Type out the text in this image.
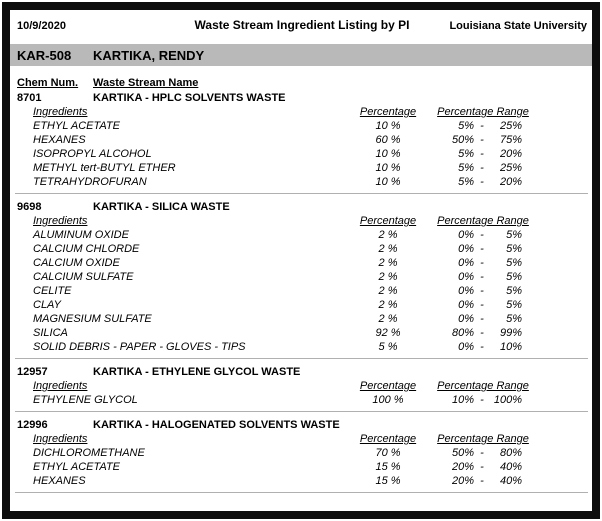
10/9/2020	Waste Stream Ingredient Listing by PI	Louisiana State University
KAR-508	KARTIKA, RENDY
Chem Num.	Waste Stream Name
8701	KARTIKA - HPLC SOLVENTS WASTE
Ingredients	Percentage	Percentage Range
ETHYL ACETATE	10 %	5% -	25%
HEXANES	60 %	50% -	75%
ISOPROPYL ALCOHOL	10 %	5% -	20%
METHYL tert-BUTYL ETHER	10 %	5% -	25%
TETRAHYDROFURAN	10 %	5% -	20%
9698	KARTIKA - SILICA WASTE
Ingredients	Percentage	Percentage Range
ALUMINUM OXIDE	2 %	0% -	5%
CALCIUM CHLORDE	2 %	0% -	5%
CALCIUM OXIDE	2 %	0% -	5%
CALCIUM SULFATE	2 %	0% -	5%
CELITE	2 %	0% -	5%
CLAY	2 %	0% -	5%
MAGNESIUM SULFATE	2 %	0% -	5%
SILICA	92 %	80% -	99%
SOLID DEBRIS - PAPER - GLOVES - TIPS	5 %	0% -	10%
12957	KARTIKA - ETHYLENE GLYCOL WASTE
Ingredients	Percentage	Percentage Range
ETHYLENE GLYCOL	100 %	10% - 100%
12996	KARTIKA - HALOGENATED SOLVENTS WASTE
Ingredients	Percentage	Percentage Range
DICHLOROMETHANE	70 %	50% -	80%
ETHYL ACETATE	15 %	20% -	40%
HEXANES	15 %	20% -	40%
